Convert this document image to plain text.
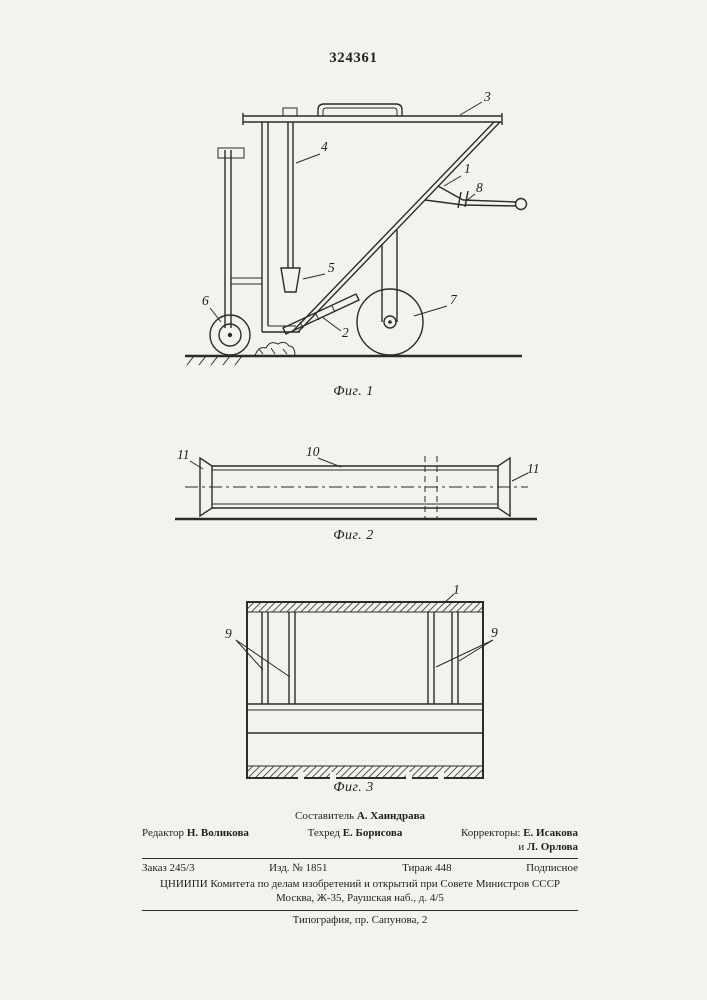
324361
3
4
1
8
5
6
2
7
Фиг. 1
11	10
11
Фиг. 2
9	9
1
Фиг. 3
Составитель А. Хаиндрава
Редактор Н. Воликова	Техред Е. Борисова	Корректоры: Е. Исакова
и Л. Орлова
Заказ 245/3	Изд. № 1851	Тираж 448	Подписное
ЦНИИПИ Комитета по делам изобретений и открытий при Совете Министров СССР
Москва, Ж-35, Раушская наб., д. 4/5
Типография, пр. Сапунова, 2
